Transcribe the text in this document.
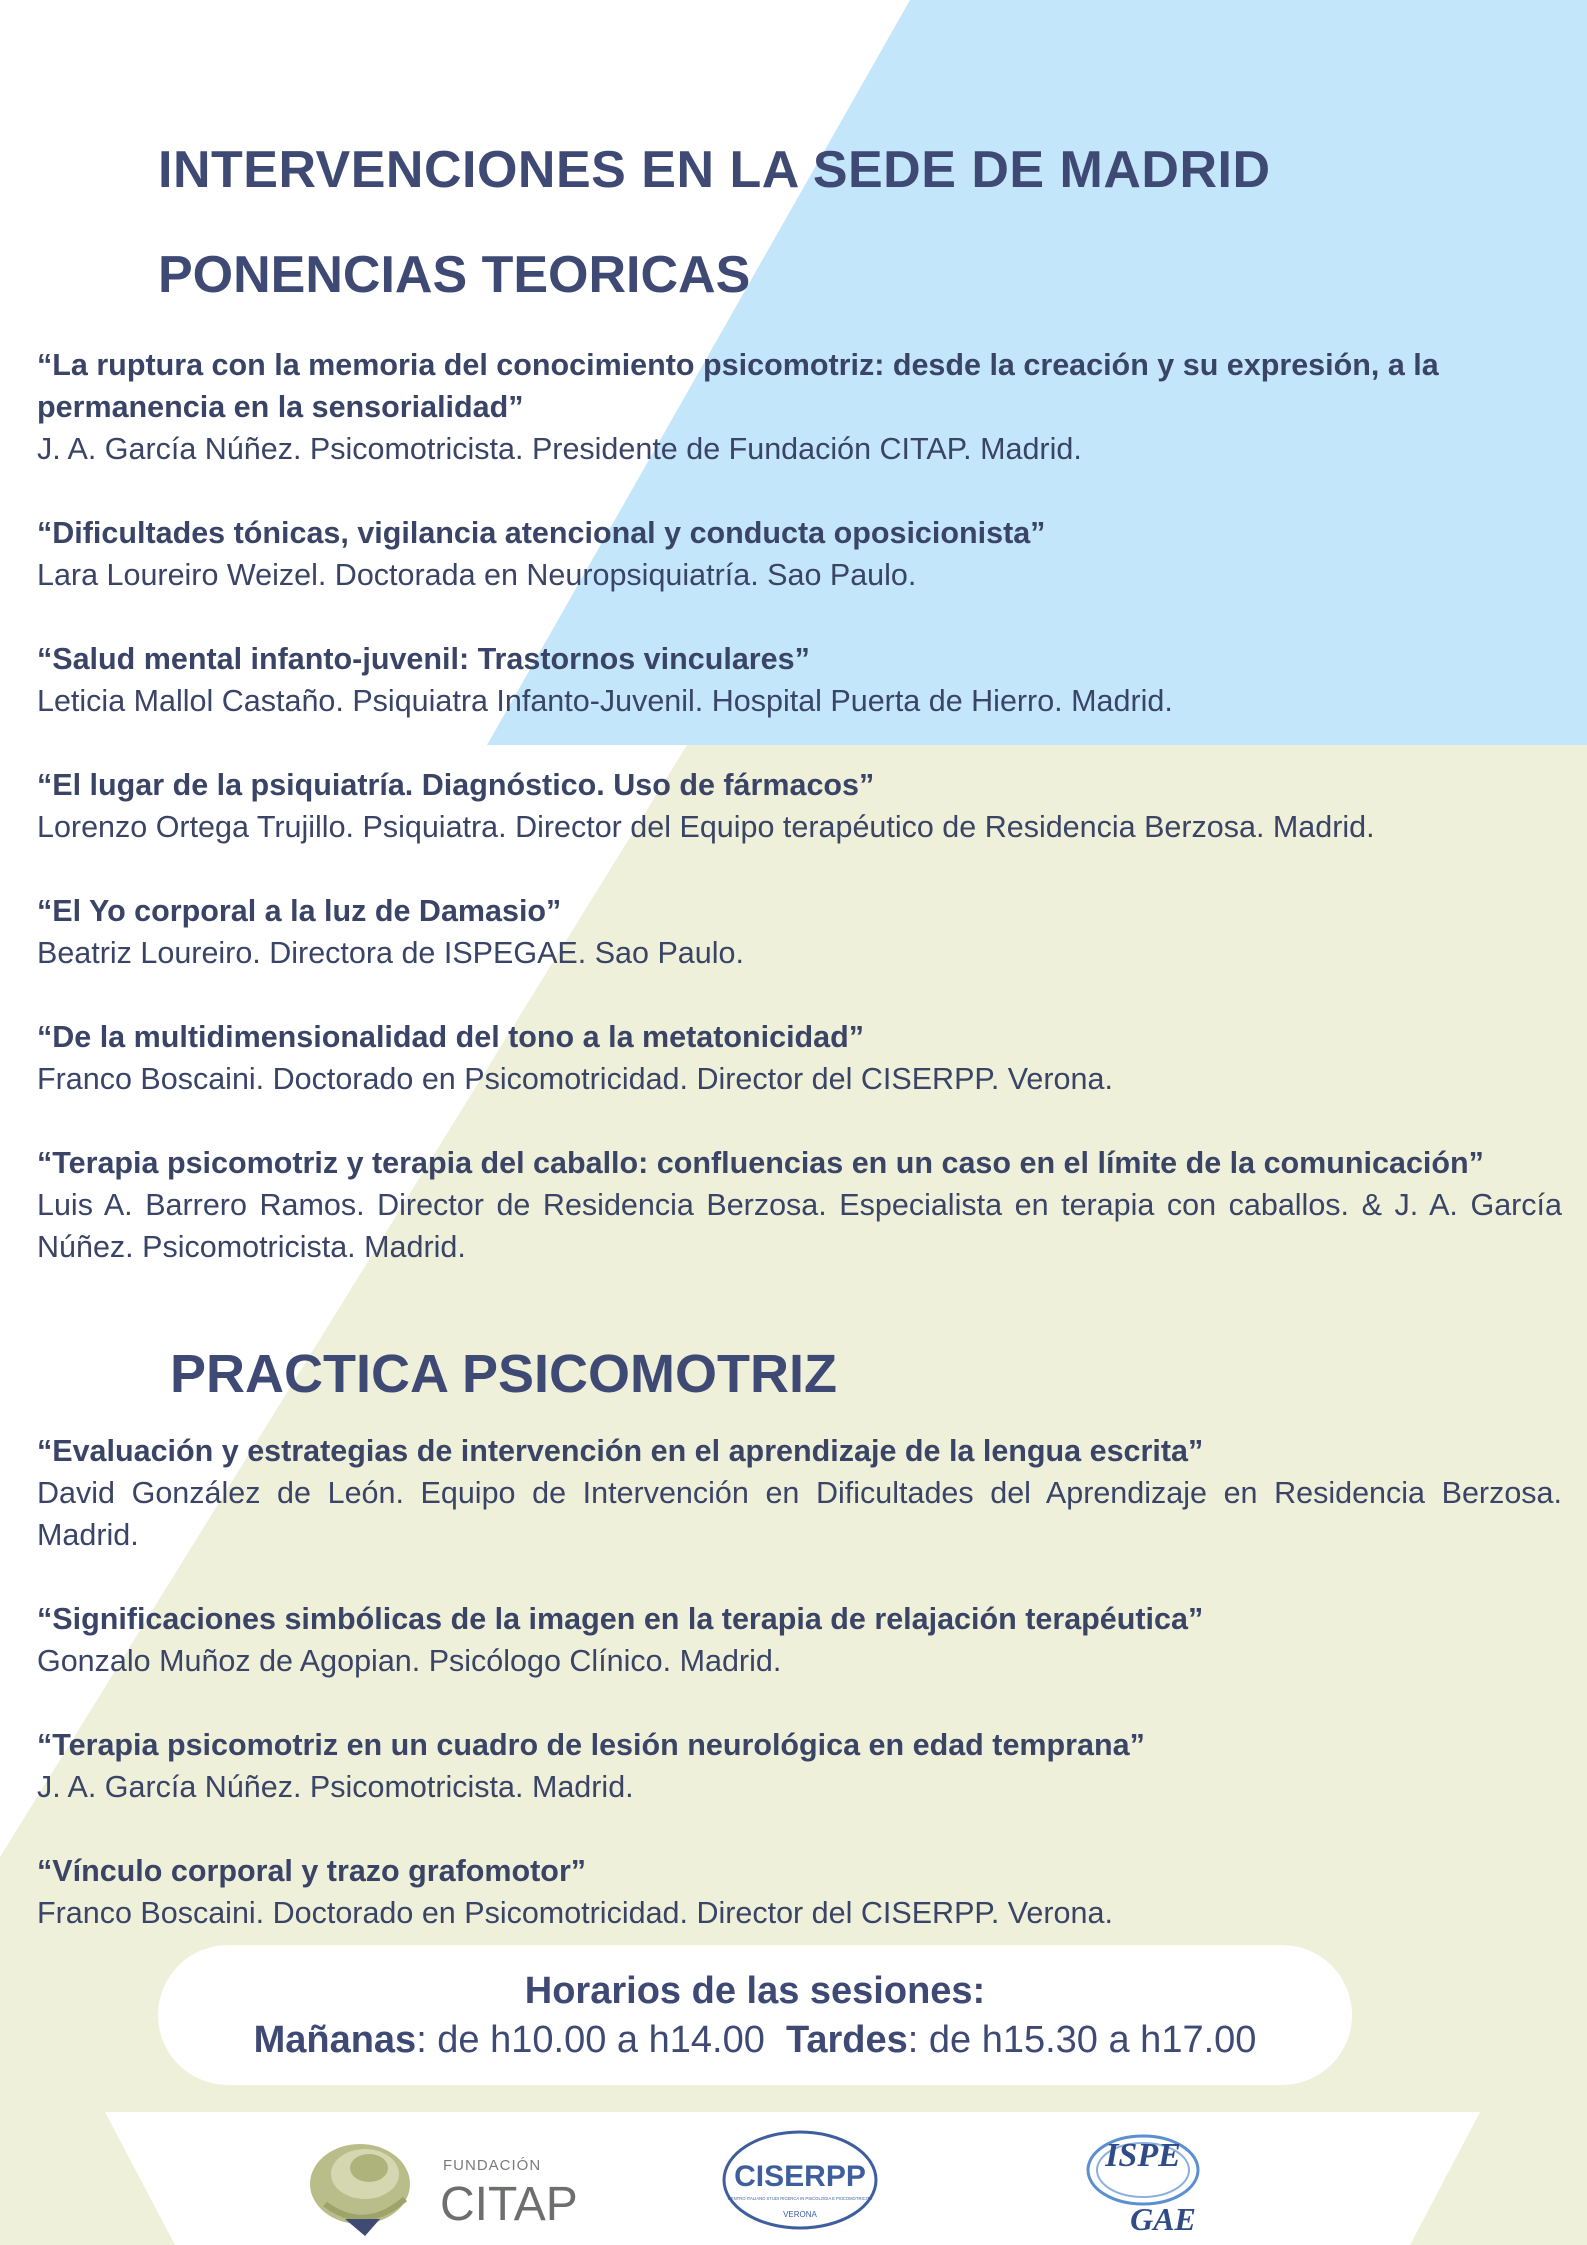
INTERVENCIONES EN LA SEDE DE MADRID
PONENCIAS TEORICAS
“La ruptura con la memoria del conocimiento psicomotriz: desde la creación y su expresión, a la permanencia en la sensorialidad”
J. A. García Núñez. Psicomotricista. Presidente de Fundación CITAP. Madrid.
“Dificultades tónicas, vigilancia atencional y conducta oposicionista”
Lara Loureiro Weizel. Doctorada en Neuropsiquiatría. Sao Paulo.
“Salud mental infanto-juvenil: Trastornos vinculares”
Leticia Mallol Castaño. Psiquiatra Infanto-Juvenil. Hospital Puerta de Hierro. Madrid.
“El lugar de la psiquiatría. Diagnóstico. Uso de fármacos”
Lorenzo Ortega Trujillo. Psiquiatra. Director del Equipo terapéutico de Residencia Berzosa. Madrid.
“El Yo corporal a la luz de Damasio”
Beatriz Loureiro. Directora de ISPEGAE. Sao Paulo.
“De la multidimensionalidad del tono a la metatonicidad”
Franco Boscaini. Doctorado en Psicomotricidad. Director del CISERPP. Verona.
“Terapia psicomotriz y terapia del caballo: confluencias en un caso en el límite de la comunicación”
Luis A. Barrero Ramos. Director de Residencia Berzosa. Especialista en terapia con caballos. & J. A. García Núñez. Psicomotricista. Madrid.
PRACTICA PSICOMOTRIZ
“Evaluación y estrategias de intervención en el aprendizaje de la lengua escrita”
David González de León. Equipo de Intervención en Dificultades del Aprendizaje en Residencia Berzosa. Madrid.
“Significaciones simbólicas de la imagen en la terapia de relajación terapéutica”
Gonzalo Muñoz de Agopian. Psicólogo Clínico. Madrid.
“Terapia psicomotriz en un cuadro de lesión neurológica en edad temprana”
J. A. García Núñez. Psicomotricista. Madrid.
“Vínculo corporal y trazo grafomotor”
Franco Boscaini. Doctorado en Psicomotricidad. Director del CISERPP. Verona.
Horarios de las sesiones:
Mañanas: de h10.00 a h14.00 Tardes: de h15.30 a h17.00
FUNDACIÓN
CITAP
CISERPP
CENTRO ITALIANO STUDI RICERCA IN PSICOLOGIA E PSICOMOTRICITÀ
VERONA
ISPE
GAE
